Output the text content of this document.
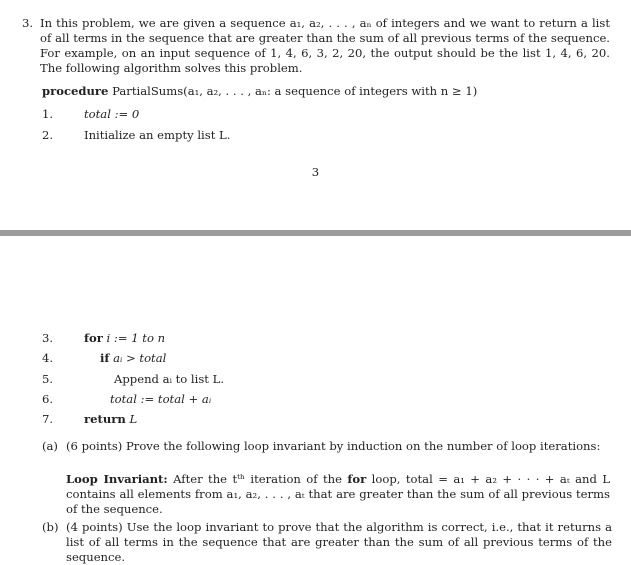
3. In this problem, we are given a sequence a₁, a₂, . . . , aₙ of integers and we want to return a list of all terms in the sequence that are greater than the sum of all previous terms of the sequence. For example, on an input sequence of 1, 4, 6, 3, 2, 20, the output should be the list 1, 4, 6, 20. The following algorithm solves this problem.
procedure PartialSums(a₁, a₂, . . . , aₙ: a sequence of integers with n ≥ 1)
1.	total := 0
2.	Initialize an empty list L.
3
3.	for i := 1 to n
4.	if aᵢ > total
5.	Append aᵢ to list L.
6.	total := total + aᵢ
7.	return L
(a) (6 points) Prove the following loop invariant by induction on the number of loop iterations:
Loop Invariant: After the tᵗʰ iteration of the for loop, total = a₁ + a₂ + · · · + aₜ and L contains all elements from a₁, a₂, . . . , aₜ that are greater than the sum of all previous terms of the sequence.
(b) (4 points) Use the loop invariant to prove that the algorithm is correct, i.e., that it returns a list of all terms in the sequence that are greater than the sum of all previous terms of the sequence.
